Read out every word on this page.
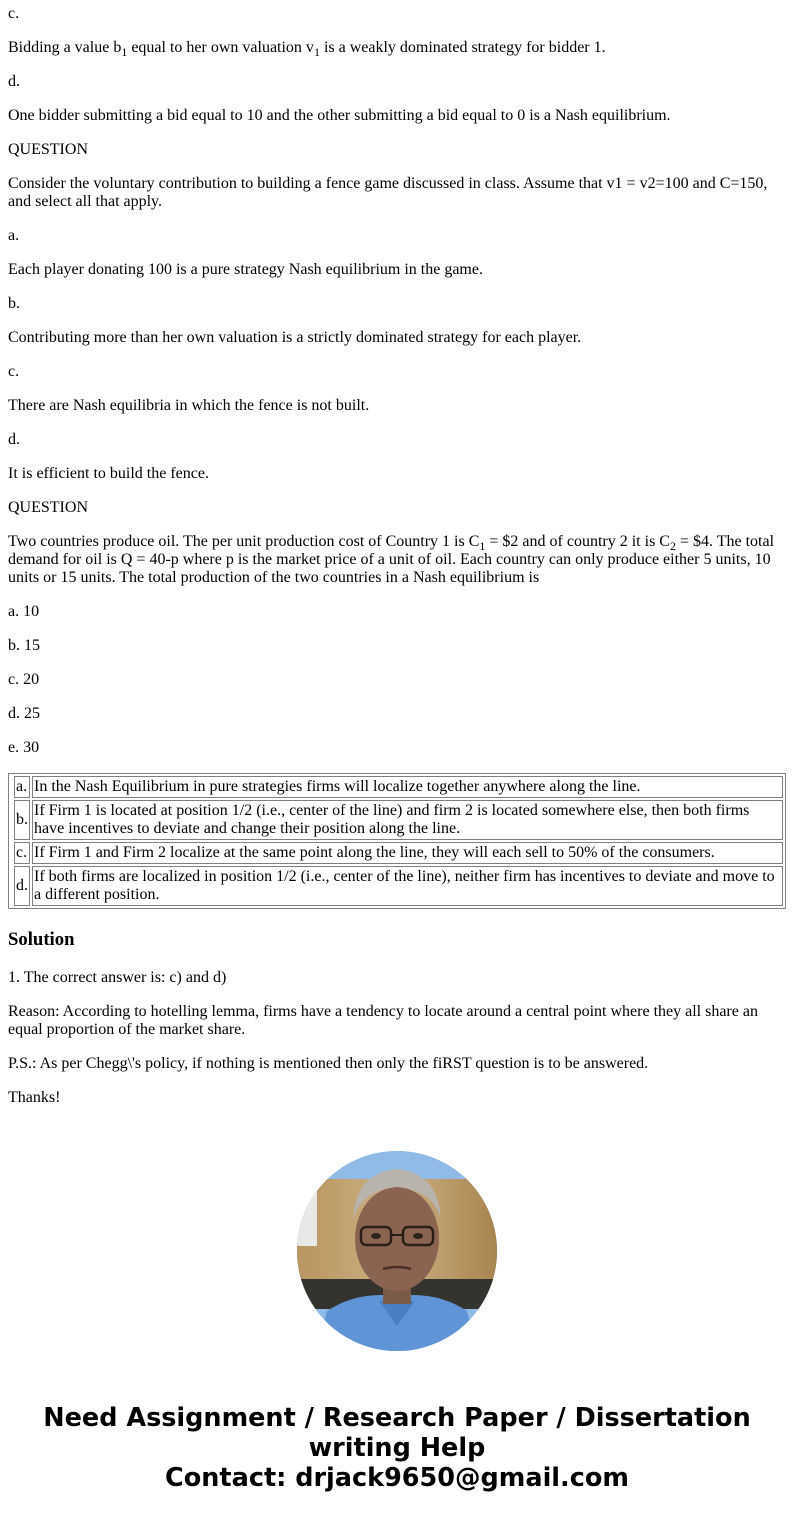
c.

Bidding a value $b_1$ equal to her own valuation $v_1$ is a weakly dominated strategy for bidder 1.

d.

One bidder submitting a bid equal to 10 and the other submitting a bid equal to 0 is a Nash equilibrium.

QUESTION

Consider the voluntary contribution to building a fence game discussed in class. Assume that v1 = v2=100 and C=150, and select all that apply.

a.

Each player donating 100 is a pure strategy Nash equilibrium in the game.

b.

Contributing more than her own valuation is a strictly dominated strategy for each player.

c.

There are Nash equilibria in which the fence is not built.

d.

It is efficient to build the fence.

QUESTION

Two countries produce oil. The per unit production cost of Country 1 is $C_1$ = $2 and of country 2 it is $C_2$ = $4. The total demand for oil is Q = 40-p where p is the market price of a unit of oil. Each country can only produce either 5 units, 10 units or 15 units. The total production of the two countries in a Nash equilibrium is

a. 10

b. 15

c. 20

d. 25

e. 30

a.	In the Nash Equilibrium in pure strategies firms will localize together anywhere along the line.
b.	If Firm 1 is located at position 1/2 (i.e., center of the line) and firm 2 is located somewhere else, then both firms have incentives to deviate and change their position along the line.
c.	If Firm 1 and Firm 2 localize at the same point along the line, they will each sell to 50% of the consumers.
d.	If both firms are localized in position 1/2 (i.e., center of the line), neither firm has incentives to deviate and move to a different position.
Solution

1. The correct answer is: c) and d)

Reason: According to hotelling lemma, firms have a tendency to locate around a central point where they all share an equal proportion of the market share.

P.S.: As per Chegg\'s policy, if nothing is mentioned then only the fiRST question is to be answered.

Thanks!

Need Assignment / Research Paper / Dissertation
writing Help
Contact: drjack9650@gmail.com
